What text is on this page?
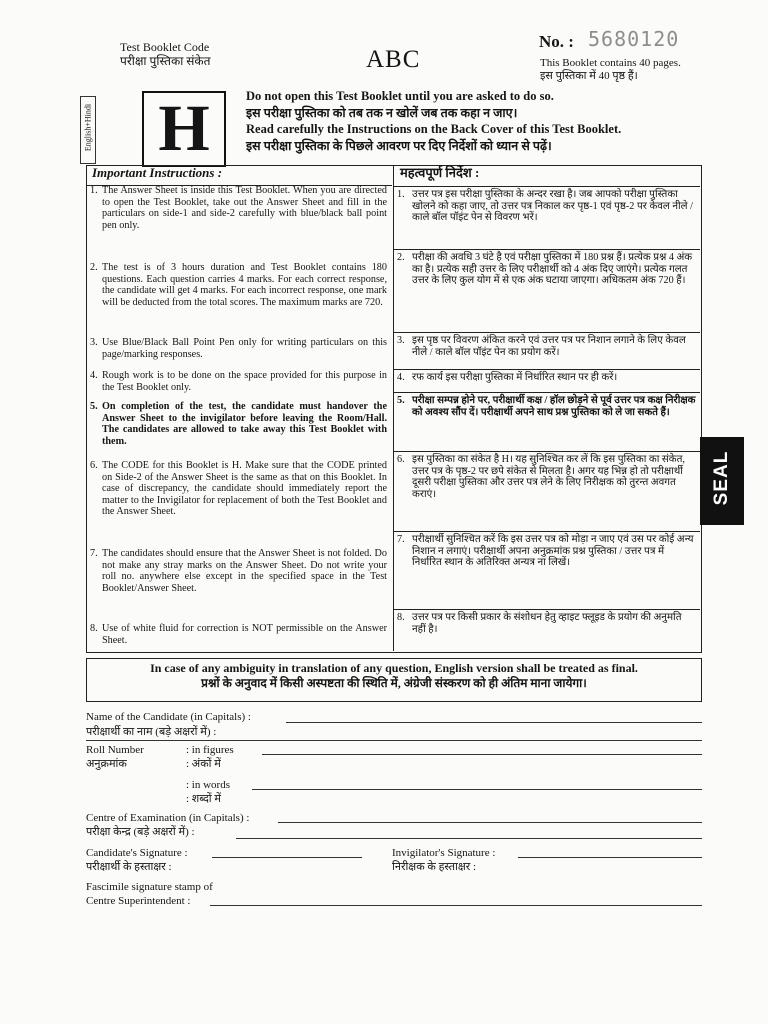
Test Booklet Code
परीक्षा पुस्तिका संकेत	ABC
No. : 5680120
This Booklet contains 40 pages.
इस पुस्तिका में 40 पृष्ठ हैं।
English+Hindi H	Do not open this Test Booklet until you are asked to do so.
इस परीक्षा पुस्तिका को तब तक न खोलें जब तक कहा न जाए।
Read carefully the Instructions on the Back Cover of this Test Booklet.
इस परीक्षा पुस्तिका के पिछले आवरण पर दिए निर्देशों को ध्यान से पढ़ें।
Important Instructions :
1. The Answer Sheet is inside this Test Booklet. When you are directed to open the Test Booklet, take out the Answer Sheet and fill in the particulars on side-1 and side-2 carefully with blue/black ball point pen only.
2. The test is of 3 hours duration and Test Booklet contains 180 questions. Each question carries 4 marks. For each correct response, the candidate will get 4 marks. For each incorrect response, one mark will be deducted from the total scores. The maximum marks are 720.
3. Use Blue/Black Ball Point Pen only for writing particulars on this page/marking responses.
4. Rough work is to be done on the space provided for this purpose in the Test Booklet only.
5. On completion of the test, the candidate must handover the Answer Sheet to the invigilator before leaving the Room/Hall. The candidates are allowed to take away this Test Booklet with them.
6. The CODE for this Booklet is H. Make sure that the CODE printed on Side-2 of the Answer Sheet is the same as that on this Booklet. In case of discrepancy, the candidate should immediately report the matter to the Invigilator for replacement of both the Test Booklet and the Answer Sheet.
7. The candidates should ensure that the Answer Sheet is not folded. Do not make any stray marks on the Answer Sheet. Do not write your roll no. anywhere else except in the specified space in the Test Booklet/Answer Sheet.
8. Use of white fluid for correction is NOT permissible on the Answer Sheet.
महत्वपूर्ण निर्देश :
1. उत्तर पत्र इस परीक्षा पुस्तिका के अन्दर रखा है। जब आपको परीक्षा पुस्तिका खोलने को कहा जाए, तो उत्तर पत्र निकाल कर पृष्ठ-1 एवं पृष्ठ-2 पर केवल नीले / काले बॉल पॉइंट पेन से विवरण भरें।
2. परीक्षा की अवधि 3 घंटे है एवं परीक्षा पुस्तिका में 180 प्रश्न हैं। प्रत्येक प्रश्न 4 अंक का है। प्रत्येक सही उत्तर के लिए परीक्षार्थी को 4 अंक दिए जाएंगे। प्रत्येक गलत उत्तर के लिए कुल योग में से एक अंक घटाया जाएगा। अधिकतम अंक 720 हैं।
3. इस पृष्ठ पर विवरण अंकित करने एवं उत्तर पत्र पर निशान लगाने के लिए केवल नीले / काले बॉल पॉइंट पेन का प्रयोग करें।
4. रफ कार्य इस परीक्षा पुस्तिका में निर्धारित स्थान पर ही करें।
5. परीक्षा सम्पन्न होने पर, परीक्षार्थी कक्ष / हॉल छोड़ने से पूर्व उत्तर पत्र कक्ष निरीक्षक को अवश्य सौंप दें। परीक्षार्थी अपने साथ प्रश्न पुस्तिका को ले जा सकते हैं।
6. इस पुस्तिका का संकेत है H। यह सुनिश्चित कर लें कि इस पुस्तिका का संकेत, उत्तर पत्र के पृष्ठ-2 पर छपे संकेत से मिलता है। अगर यह भिन्न हो तो परीक्षार्थी दूसरी परीक्षा पुस्तिका और उत्तर पत्र लेने के लिए निरीक्षक को तुरन्त अवगत कराएं।
7. परीक्षार्थी सुनिश्चित करें कि इस उत्तर पत्र को मोड़ा न जाए एवं उस पर कोई अन्य निशान न लगाएं। परीक्षार्थी अपना अनुक्रमांक प्रश्न पुस्तिका / उत्तर पत्र में निर्धारित स्थान के अतिरिक्त अन्यत्र ना लिखें।
8. उत्तर पत्र पर किसी प्रकार के संशोधन हेतु व्हाइट फ्लूइड के प्रयोग की अनुमति नहीं है।
SEAL
In case of any ambiguity in translation of any question, English version shall be treated as final.
प्रश्नों के अनुवाद में किसी अस्पष्टता की स्थिति में, अंग्रेजी संस्करण को ही अंतिम माना जायेगा।
Name of the Candidate (in Capitals) :
परीक्षार्थी का नाम (बड़े अक्षरों में) :
Roll Number
अनुक्रमांक
: in figures
: अंकों में
: in words
: शब्दों में
Centre of Examination (in Capitals) :
परीक्षा केन्द्र (बड़े अक्षरों में) :
Candidate's Signature :
परीक्षार्थी के हस्ताक्षर :
Invigilator's Signature :
निरीक्षक के हस्ताक्षर :
Fascimile signature stamp of
Centre Superintendent :
